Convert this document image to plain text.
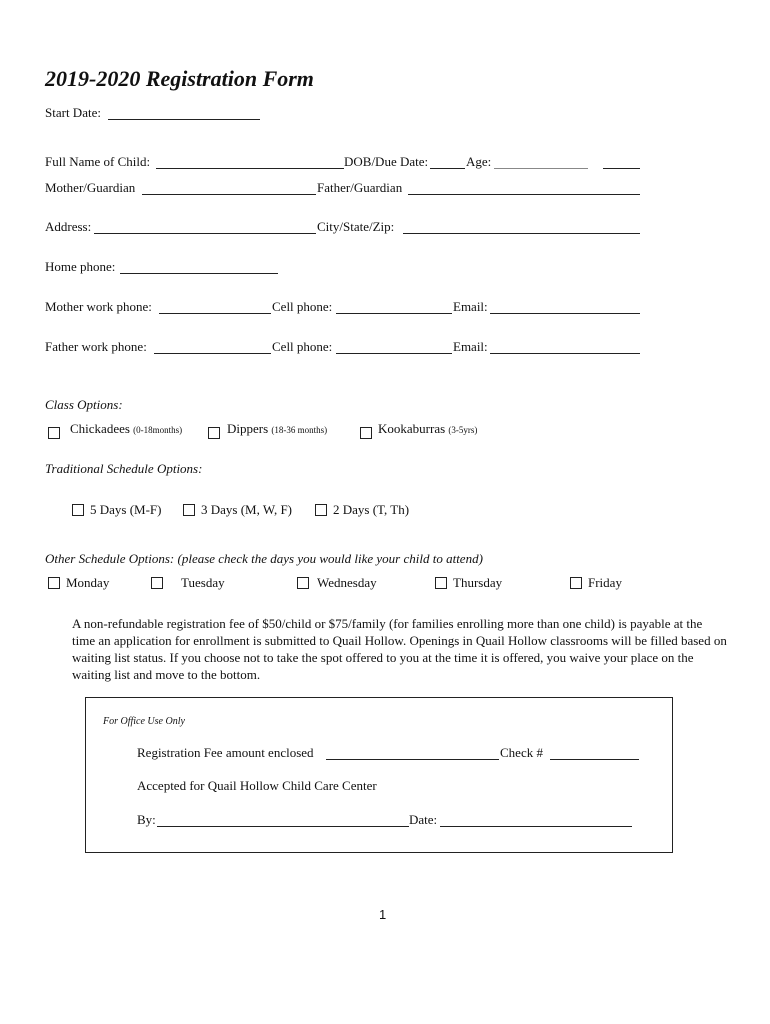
2019-2020 Registration Form
Start Date:
Full Name of Child:	DOB/Due Date:	Age:
Mother/Guardian	Father/Guardian
Address:	City/State/Zip:
Home phone:
Mother work phone:	Cell phone:	Email:
Father work phone:	Cell phone:	Email:
Class Options:
Chickadees (0-18months)	Dippers (18-36 months)	Kookaburras (3-5yrs)
Traditional Schedule Options:
5 Days (M-F)	3 Days (M, W, F)	2 Days (T, Th)
Other Schedule Options: (please check the days you would like your child to attend)
Monday	Tuesday	Wednesday	Thursday	Friday
A non-refundable registration fee of $50/child or $75/family (for families enrolling more than one child) is payable at the time an application for enrollment is submitted to Quail Hollow. Openings in Quail Hollow classrooms will be filled based on waiting list status. If you choose not to take the spot offered to you at the time it is offered, you waive your place on the waiting list and move to the bottom.
For Office Use Only
Registration Fee amount enclosed	Check #
Accepted for Quail Hollow Child Care Center
By:	Date:
1
